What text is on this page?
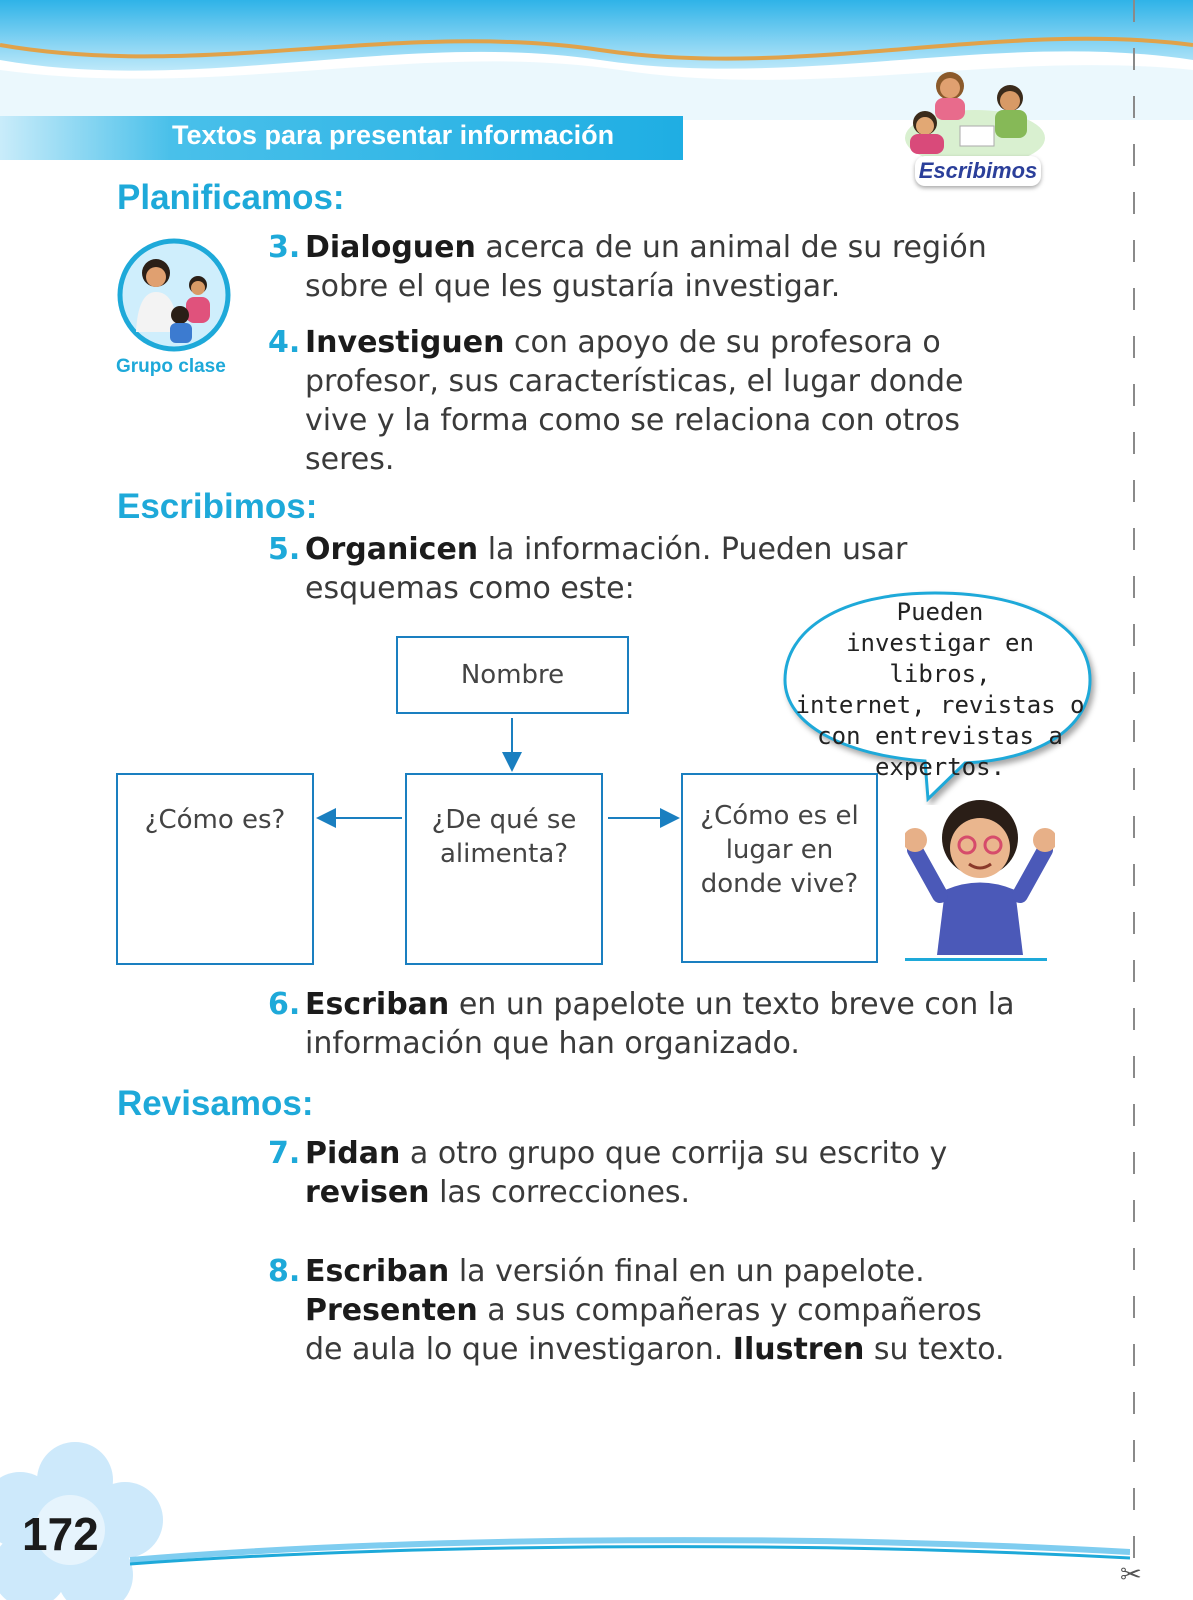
Textos para presentar información
Escribimos
Planificamos:
Grupo clase
3. Dialoguen acerca de un animal de su región
sobre el que les gustaría investigar.
4. Investiguen con apoyo de su profesora o
profesor, sus características, el lugar donde
vive y la forma como se relaciona con otros
seres.
Escribimos:
5. Organicen la información. Pueden usar
esquemas como este:
Nombre
¿Cómo es?	¿De qué se
alimenta?
¿Cómo es el
lugar en
donde vive?
Pueden
investigar en libros,
internet, revistas o
con entrevistas a
expertos.
6. Escriban en un papelote un texto breve con la
información que han organizado.
Revisamos:
7. Pidan a otro grupo que corrija su escrito y
revisen las correcciones.
8. Escriban la versión final en un papelote.
Presenten a sus compañeras y compañeros
de aula lo que investigaron. Ilustren su texto.
✂
172
